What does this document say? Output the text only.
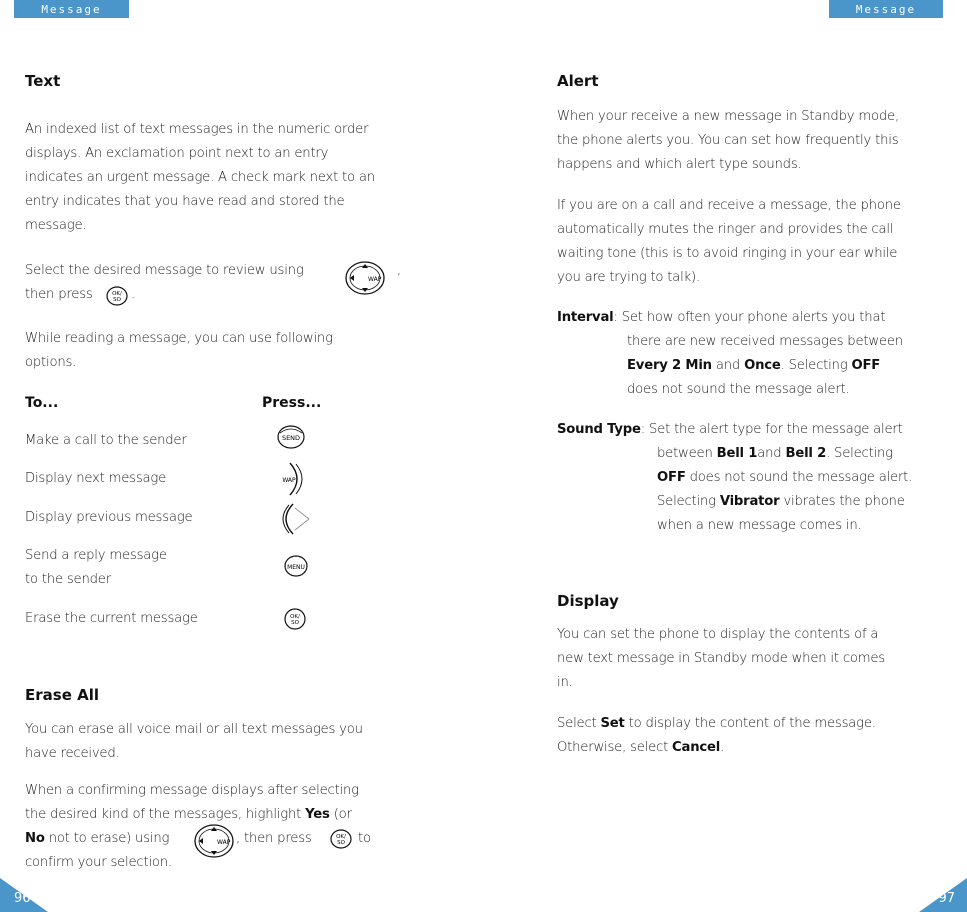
Message	Message
Text
An indexed list of text messages in the numeric order
displays. An exclamation point next to an entry
indicates an urgent message. A check mark next to an
entry indicates that you have read and stored the
message.
Select the desired message to review using
WAP
,
then press	OK/
SO .
While reading a message, you can use following
options.
To...	Press...
Make a call to the sender	SEND
Display next message	WAP
Display previous message
Send a reply message
to the sender
MENU
Erase the current message	OK/
SO
Erase All
You can erase all voice mail or all text messages you
have received.
When a confirming message displays after selecting
the desired kind of the messages, highlight Yes (or
No not to erase) using	WAP , then press	OK/
SO to
confirm your selection.
Alert
When your receive a new message in Standby mode,
the phone alerts you. You can set how frequently this
happens and which alert type sounds.
If you are on a call and receive a message, the phone
automatically mutes the ringer and provides the call
waiting tone (this is to avoid ringing in your ear while
you are trying to talk).
Interval: Set how often your phone alerts you that
there are new received messages between
Every 2 Min and Once. Selecting OFF
does not sound the message alert.
Sound Type: Set the alert type for the message alert
between Bell 1and Bell 2. Selecting
OFF does not sound the message alert.
Selecting Vibrator vibrates the phone
when a new message comes in.
Display
You can set the phone to display the contents of a
new text message in Standby mode when it comes
in.
Select Set to display the content of the message.
Otherwise, select Cancel.
96	97
